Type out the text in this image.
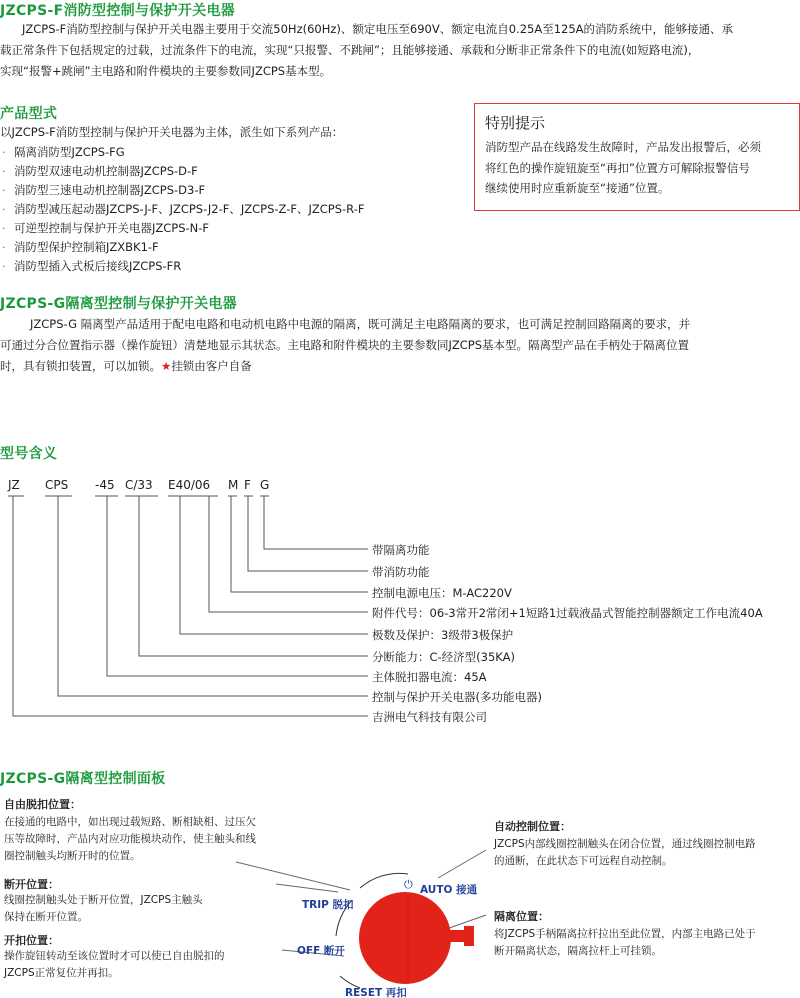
JZCPS-F消防型控制与保护开关电器
JZCPS-F消防型控制与保护开关电器主要用于交流50Hz(60Hz)、额定电压至690V、额定电流自0.25A至125A的消防系统中，能够接通、承
载正常条件下包括规定的过载，过流条件下的电流，实现“只报警、不跳闸”；且能够接通、承载和分断非正常条件下的电流(如短路电流)，
实现“报警+跳闸”主电路和附件模块的主要参数同JZCPS基本型。
产品型式
以JZCPS-F消防型控制与保护开关电器为主体，派生如下系列产品：
· 隔离消防型JZCPS-FG
· 消防型双速电动机控制器JZCPS-D-F
· 消防型三速电动机控制器JZCPS-D3-F
· 消防型减压起动器JZCPS-J-F、JZCPS-J2-F、JZCPS-Z-F、JZCPS-R-F
· 可逆型控制与保护开关电器JZCPS-N-F
· 消防型保护控制箱JZXBK1-F
· 消防型插入式板后接线JZCPS-FR
特别提示
消防型产品在线路发生故障时，产品发出报警后，必须
将红色的操作旋钮旋至“再扣”位置方可解除报警信号
继续使用时应重新旋至“接通”位置。
JZCPS-G隔离型控制与保护开关电器
JZCPS-G 隔离型产品适用于配电电路和电动机电路中电源的隔离，既可满足主电路隔离的要求，也可满足控制回路隔离的要求，并
可通过分合位置指示器（操作旋钮）清楚地显示其状态。主电路和附件模块的主要参数同JZCPS基本型。隔离型产品在手柄处于隔离位置
时，具有锁扣装置，可以加锁。★挂锁由客户自备
型号含义
JZ CPS -45 C/33 E40/06 M F G
带隔离功能
带消防功能
控制电源电压：M-AC220V
附件代号：06-3常开2常闭+1短路1过载液晶式智能控制器额定工作电流40A
极数及保护：3级带3极保护
分断能力：C-经济型(35KA)
主体脱扣器电流：45A
控制与保护开关电器(多功能电器)
吉洲电气科技有限公司
JZCPS-G隔离型控制面板
自由脱扣位置：
在接通的电路中，如出现过载短路、断相缺相、过压欠
压等故障时，产品内对应功能模块动作，使主触头和线
圈控制触头均断开时的位置。
断开位置：
线圈控制触头处于断开位置，JZCPS主触头
保持在断开位置。
开扣位置：
操作旋钮转动至该位置时才可以使已自由脱扣的
JZCPS正常复位并再扣。
自动控制位置：
JZCPS内部线圈控制触头在闭合位置，通过线圈控制电路
的通断，在此状态下可远程自动控制。
隔离位置：
将JZCPS手柄隔离拉杆拉出至此位置，内部主电路已处于
断开隔离状态，隔离拉杆上可挂锁。
⏻ AUTO 接通
TRIP 脱扣
OFF 断开
RESET 再扣
